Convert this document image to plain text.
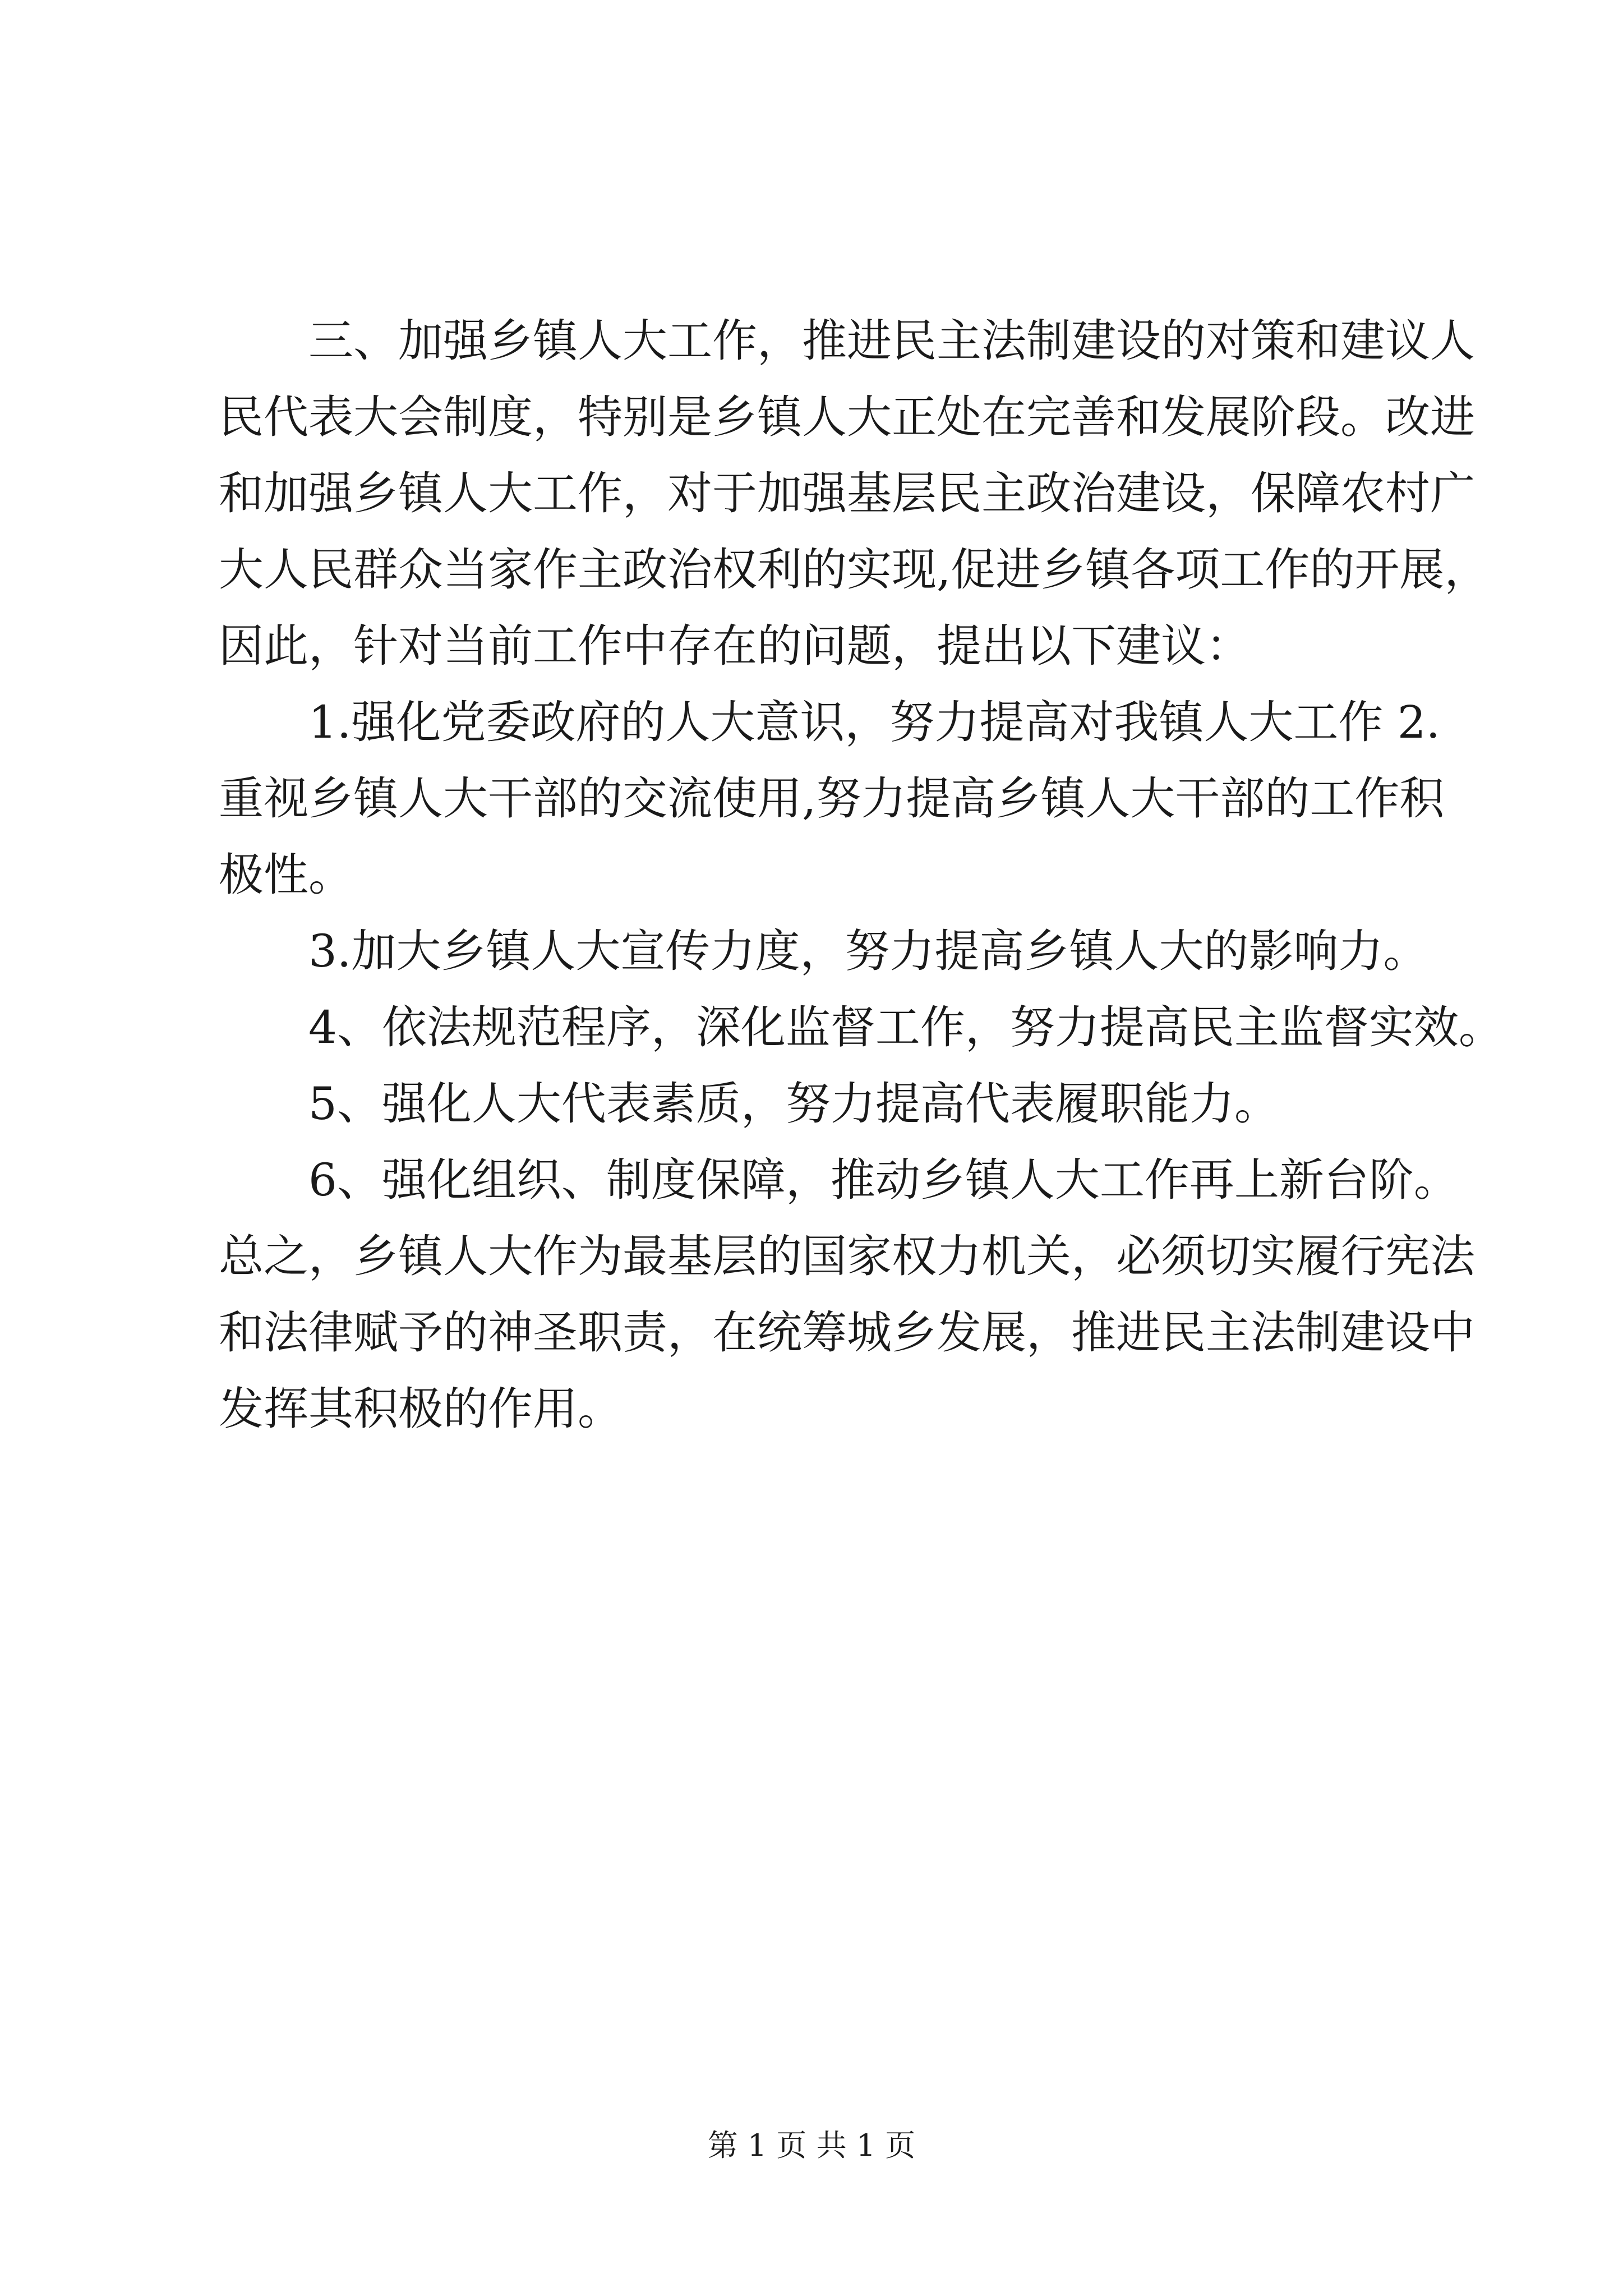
三、加强乡镇人大工作，推进民主法制建设的对策和建议人
民代表大会制度，特别是乡镇人大正处在完善和发展阶段。改进
和加强乡镇人大工作，对于加强基层民主政治建设，保障农村广
大人民群众当家作主政治权利的实现,促进乡镇各项工作的开展，
因此，针对当前工作中存在的问题，提出以下建议：
1.强化党委政府的人大意识，努力提高对我镇人大工作 2.
重视乡镇人大干部的交流使用,努力提高乡镇人大干部的工作积
极性。
3.加大乡镇人大宣传力度，努力提高乡镇人大的影响力。
4、依法规范程序，深化监督工作，努力提高民主监督实效。
5、强化人大代表素质，努力提高代表履职能力。
6、强化组织、制度保障，推动乡镇人大工作再上新台阶。
总之，乡镇人大作为最基层的国家权力机关，必须切实履行宪法
和法律赋予的神圣职责，在统筹城乡发展，推进民主法制建设中
发挥其积极的作用。
第 1 页 共 1 页
